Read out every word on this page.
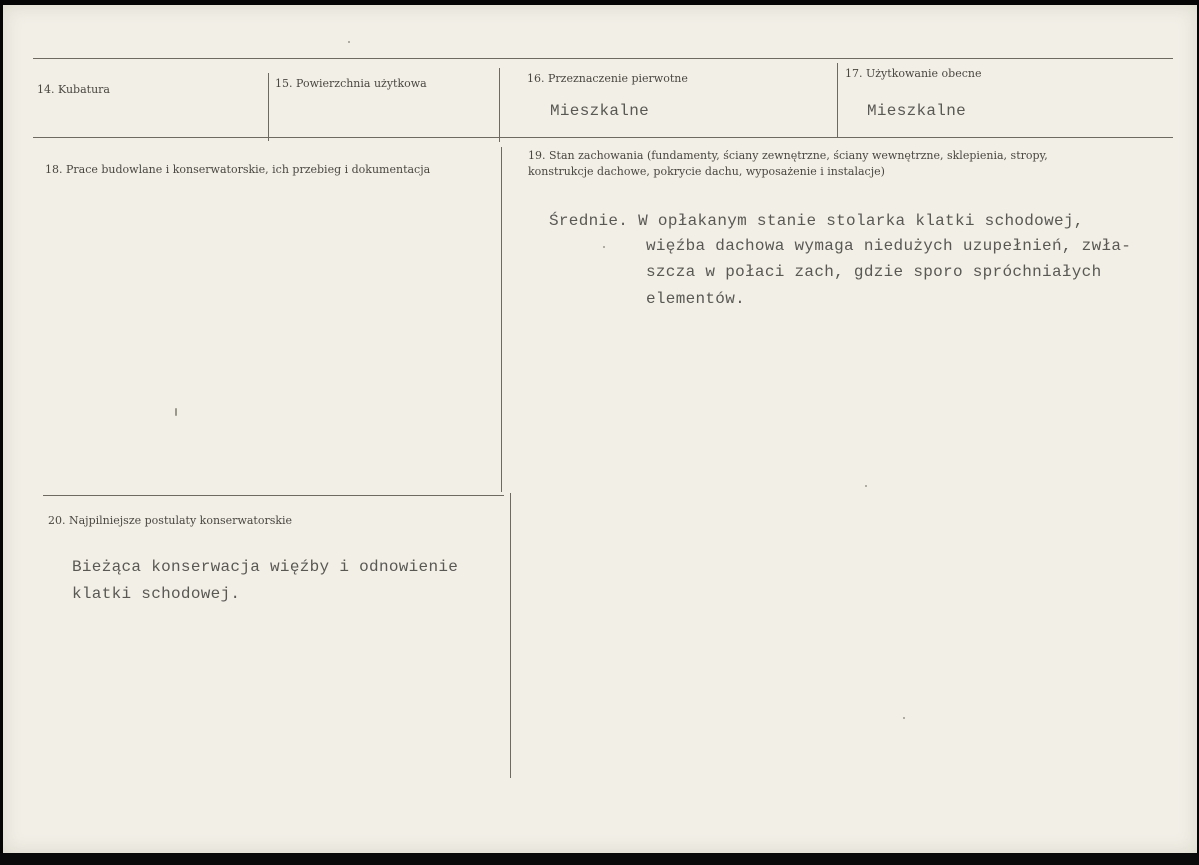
14. Kubatura	15. Powierzchnia użytkowa	16. Przeznaczenie pierwotne
Mieszkalne
17. Użytkowanie obecne
Mieszkalne
18. Prace budowlane i konserwatorskie, ich przebieg i dokumentacja
19. Stan zachowania (fundamenty, ściany zewnętrzne, ściany wewnętrzne, sklepienia, stropy,
konstrukcje dachowe, pokrycie dachu, wyposażenie i instalacje)
Średnie. W opłakanym stanie stolarka klatki schodowej,
więźba dachowa wymaga niedużych uzupełnień, zwła-
szcza w połaci zach, gdzie sporo spróchniałych
elementów.
20. Najpilniejsze postulaty konserwatorskie
Bieżąca konserwacja więźby i odnowienie
klatki schodowej.
